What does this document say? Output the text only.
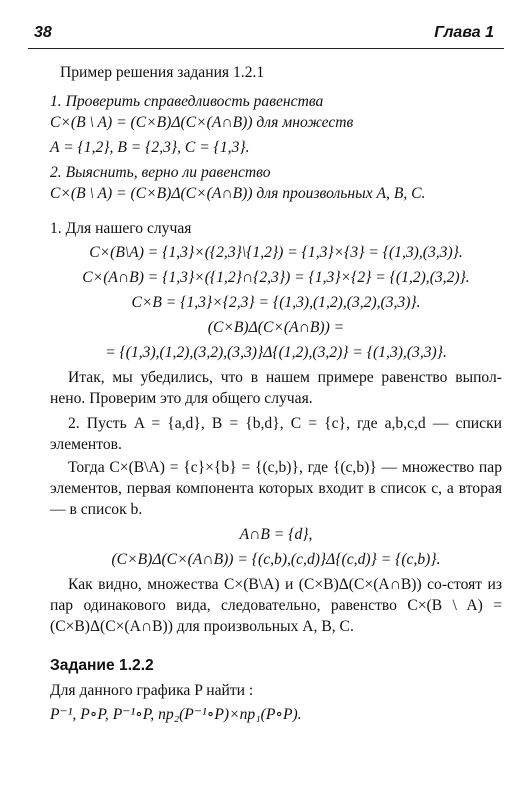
38	Глава 1

Пример решения задания 1.2.1

1. Проверить справедливость равенства

C×(B \ A) = (C×B)Δ(C×(A∩B)) для множеств

A = {1,2}, B = {2,3}, C = {1,3}.

2. Выяснить, верно ли равенство

C×(B \ A) = (C×B)Δ(C×(A∩B)) для произвольных A, B, C.

1. Для нашего случая

C×(B\A) = {1,3}×({2,3}\{1,2}) = {1,3}×{3} = {(1,3),(3,3)}.

C×(A∩B) = {1,3}×({1,2}∩{2,3}) = {1,3}×{2} = {(1,2),(3,2)}.

C×B = {1,3}×{2,3} = {(1,3),(1,2),(3,2),(3,3)}.

(C×B)Δ(C×(A∩B)) =

= {(1,3),(1,2),(3,2),(3,3)}Δ{(1,2),(3,2)} = {(1,3),(3,3)}.

Итак, мы убедились, что в нашем примере равенство выпол-нено. Проверим это для общего случая.

2. Пусть A = {a,d}, B = {b,d}, C = {c}, где a,b,c,d — списки элементов.

Тогда C×(B\A) = {c}×{b} = {(c,b)}, где {(c,b)} — множество пар элементов, первая компонента которых входит в список c, а вторая — в список b.

A∩B = {d},

(C×B)Δ(C×(A∩B)) = {(c,b),(c,d)}Δ{(c,d)} = {(c,b)}.

Как видно, множества C×(B\A) и (C×B)Δ(C×(A∩B)) со-стоят из пар одинакового вида, следовательно, равенство C×(B \ A) = (C×B)Δ(C×(A∩B)) для произвольных A, B, C.

Задание 1.2.2

Для данного графика P найти :

P⁻¹, P∘P, P⁻¹∘P, пр₂(P⁻¹∘P)×пр₁(P∘P).
